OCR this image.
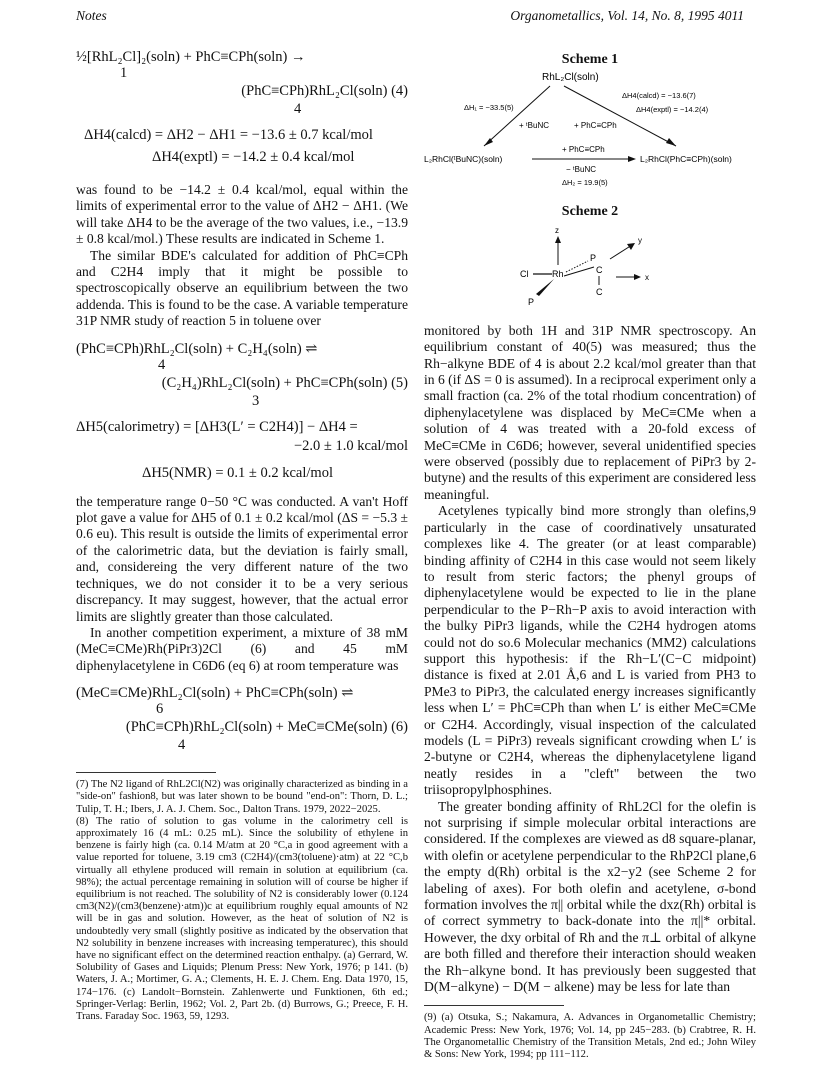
Notes	Organometallics, Vol. 14, No. 8, 1995 4011
½[RhL₂Cl]₂(soln) + PhC≡CPh(soln) →
1
(PhC≡CPh)RhL₂Cl(soln) (4)
4
ΔH4(calcd) = ΔH2 − ΔH1 = −13.6 ± 0.7 kcal/mol
ΔH4(exptl) = −14.2 ± 0.4 kcal/mol

was found to be −14.2 ± 0.4 kcal/mol, equal within the limits of experimental error to the value of ΔH2 − ΔH1. (We will take ΔH4 to be the average of the two values, i.e., −13.9 ± 0.8 kcal/mol.) These results are indicated in Scheme 1.

The similar BDE's calculated for addition of PhC≡CPh and C2H4 imply that it might be possible to spectroscopically observe an equilibrium between the two addenda. This is found to be the case. A variable temperature 31P NMR study of reaction 5 in toluene over

(PhC≡CPh)RhL₂Cl(soln) + C₂H₄(soln) ⇌
4
(C₂H₄)RhL₂Cl(soln) + PhC≡CPh(soln) (5)
3
ΔH5(calorimetry) = [ΔH3(L′ = C2H4)] − ΔH4 =
−2.0 ± 1.0 kcal/mol
ΔH5(NMR) = 0.1 ± 0.2 kcal/mol

the temperature range 0−50 °C was conducted. A van't Hoff plot gave a value for ΔH5 of 0.1 ± 0.2 kcal/mol (ΔS = −5.3 ± 0.6 eu). This result is outside the limits of experimental error of the calorimetric data, but the deviation is fairly small, and, considereing the very different nature of the two techniques, we do not consider it to be a very serious discrepancy. It may suggest, however, that the actual error limits are slightly greater than those calculated.

In another competition experiment, a mixture of 38 mM (MeC≡CMe)Rh(PiPr3)2Cl (6) and 45 mM diphenylacetylene in C6D6 (eq 6) at room temperature was

(MeC≡CMe)RhL₂Cl(soln) + PhC≡CPh(soln) ⇌
6
(PhC≡CPh)RhL₂Cl(soln) + MeC≡CMe(soln) (6)
4

(7) The N2 ligand of RhL2Cl(N2) was originally characterized as binding in a "side-on" fashion8, but was later shown to be bound "end-on": Thorn, D. L.; Tulip, T. H.; Ibers, J. A. J. Chem. Soc., Dalton Trans. 1979, 2022−2025.

(8) The ratio of solution to gas volume in the calorimetry cell is approximately 16 (4 mL: 0.25 mL). Since the solubility of ethylene in benzene is fairly high (ca. 0.14 M/atm at 20 °C,a in good agreement with a value reported for toluene, 3.19 cm3 (C2H4)/(cm3(toluene)·atm) at 22 °C,b virtually all ethylene produced will remain in solution at equilibrium (ca. 98%); the actual percentage remaining in solution will of course be higher if equilibrium is not reached. The solubility of N2 is considerably lower (0.124 cm3(N2)/(cm3(benzene)·atm))c at equilibrium roughly equal amounts of N2 will be in gas and solution. However, as the heat of solution of N2 is undoubtedly very small (slightly positive as indicated by the observation that N2 solubility in benzene increases with increasing temperaturec), this should have no significant effect on the determined reaction enthalpy. (a) Gerrard, W. Solubility of Gases and Liquids; Plenum Press: New York, 1976; p 141. (b) Waters, J. A.; Mortimer, G. A.; Clements, H. E. J. Chem. Eng. Data 1970, 15, 174−176. (c) Landolt−Bornstein. Zahlenwerte und Funktionen, 6th ed.; Springer-Verlag: Berlin, 1962; Vol. 2, Part 2b. (d) Burrows, G.; Preece, F. H. Trans. Faraday Soc. 1963, 59, 1293.

Scheme 1

RhL₂Cl(soln)
ΔH₁ = −33.5(5)
ΔH4(calcd) = −13.6(7)
ΔH4(exptl) = −14.2(4)
+ ᵗBuNC	+ PhC≡CPh
L₂RhCl(ᵗBuNC)(soln)	L₂RhCl(PhC≡CPh)(soln)
+ PhC≡CPh
− ᵗBuNC
ΔH₂ = 19.9(5)

Scheme 2

z
y
Cl	Rh
P
C
C
x
P

monitored by both 1H and 31P NMR spectroscopy. An equilibrium constant of 40(5) was measured; thus the Rh−alkyne BDE of 4 is about 2.2 kcal/mol greater than that in 6 (if ΔS = 0 is assumed). In a reciprocal experiment only a small fraction (ca. 2% of the total rhodium concentration) of diphenylacetylene was displaced by MeC≡CMe when a solution of 4 was treated with a 20-fold excess of MeC≡CMe in C6D6; however, several unidentified species were observed (possibly due to replacement of PiPr3 by 2-butyne) and the results of this experiment are considered less meaningful.

Acetylenes typically bind more strongly than olefins,9 particularly in the case of coordinatively unsaturated complexes like 4. The greater (or at least comparable) binding affinity of C2H4 in this case would not seem likely to result from steric factors; the phenyl groups of diphenylacetylene would be expected to lie in the plane perpendicular to the P−Rh−P axis to avoid interaction with the bulky PiPr3 ligands, while the C2H4 hydrogen atoms could not do so.6 Molecular mechanics (MM2) calculations support this hypothesis: if the Rh−L′(C−C midpoint) distance is fixed at 2.01 Å,6 and L is varied from PH3 to PMe3 to PiPr3, the calculated energy increases significantly less when L′ = PhC≡CPh than when L′ is either MeC≡CMe or C2H4. Accordingly, visual inspection of the calculated models (L = PiPr3) reveals significant crowding when L′ is 2-butyne or C2H4, whereas the diphenylacetylene ligand neatly resides in a "cleft" between the two triisopropylphosphines.

The greater bonding affinity of RhL2Cl for the olefin is not surprising if simple molecular orbital interactions are considered. If the complexes are viewed as d8 square-planar, with olefin or acetylene perpendicular to the RhP2Cl plane,6 the empty d(Rh) orbital is the x2−y2 (see Scheme 2 for labeling of axes). For both olefin and acetylene, σ-bond formation involves the π|| orbital while the dxz(Rh) orbital is of correct symmetry to back-donate into the π||* orbital. However, the dxy orbital of Rh and the π⊥ orbital of alkyne are both filled and therefore their interaction should weaken the Rh−alkyne bond. It has previously been suggested that D(M−alkyne) − D(M − alkene) may be less for late than

(9) (a) Otsuka, S.; Nakamura, A. Advances in Organometallic Chemistry; Academic Press: New York, 1976; Vol. 14, pp 245−283. (b) Crabtree, R. H. The Organometallic Chemistry of the Transition Metals, 2nd ed.; John Wiley & Sons: New York, 1994; pp 111−112.
